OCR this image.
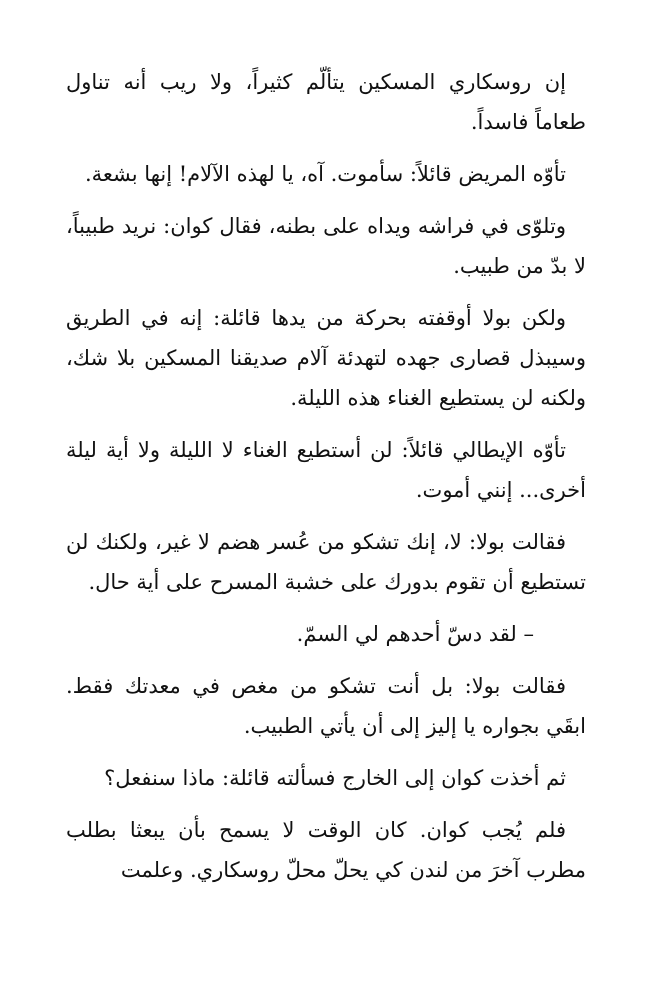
إن روسكاري المسكين يتألّم كثيراً، ولا ريب أنه تناول طعاماً فاسداً.

تأوّه المريض قائلاً: سأموت. آه، يا لهذه الآلام! إنها بشعة.

وتلوّى في فراشه ويداه على بطنه، فقال كوان: نريد طبيباً، لا بدّ من طبيب.

ولكن بولا أوقفته بحركة من يدها قائلة: إنه في الطريق وسيبذل قصارى جهده لتهدئة آلام صديقنا المسكين بلا شك، ولكنه لن يستطيع الغناء هذه الليلة.

تأوّه الإيطالي قائلاً: لن أستطيع الغناء لا الليلة ولا أية ليلة أخرى... إنني أموت.

فقالت بولا: لا، إنك تشكو من عُسر هضم لا غير، ولكنك لن تستطيع أن تقوم بدورك على خشبة المسرح على أية حال.

– لقد دسّ أحدهم لي السمّ.

فقالت بولا: بل أنت تشكو من مغص في معدتك فقط. ابقَي بجواره يا إليز إلى أن يأتي الطبيب.

ثم أخذت كوان إلى الخارج فسألته قائلة: ماذا سنفعل؟

فلم يُجب كوان. كان الوقت لا يسمح بأن يبعثا بطلب مطرب آخرَ من لندن كي يحلّ محلّ روسكاري. وعلمت
